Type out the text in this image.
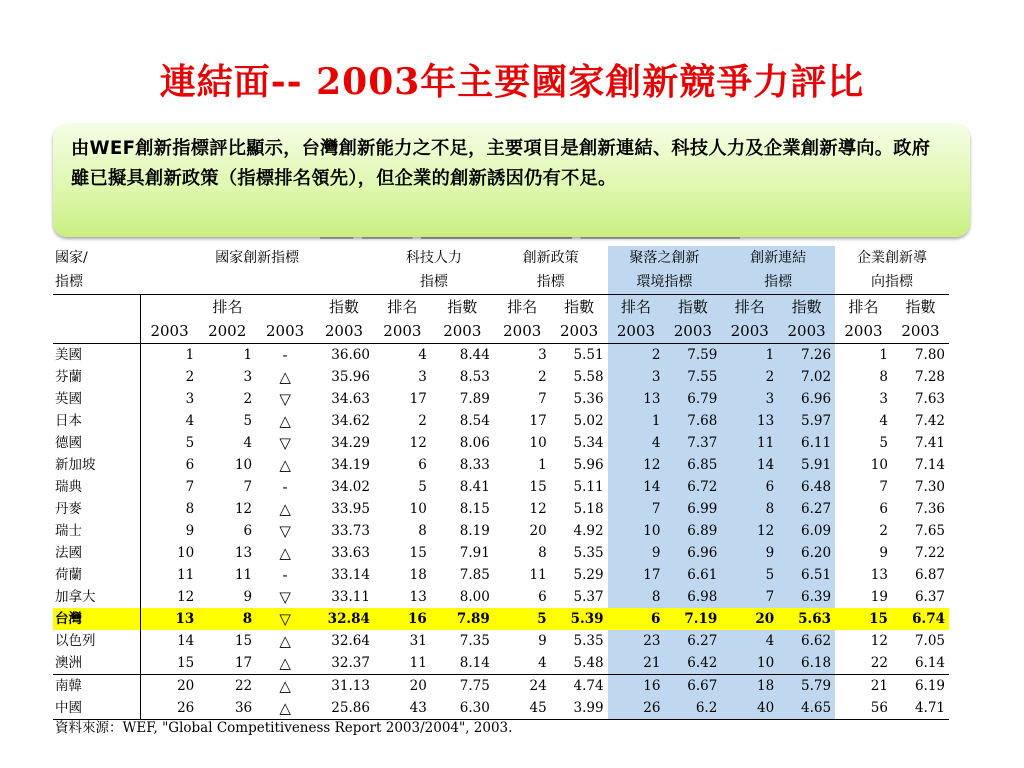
連結面-- 2003年主要國家創新競爭力評比
由WEF創新指標評比顯示，台灣創新能力之不足，主要項目是創新連結、科技人力及企業創新導向。政府雖已擬具創新政策（指標排名領先），但企業的創新誘因仍有不足。
國家/	國家創新指標				科技人力		創新政策		聚落之創新		創新連結		企業創新導	
指標					指標		指標		環境指標		指標		向指標	
	排名			指數	排名	指數	排名	指數	排名	指數	排名	指數	排名	指數
	2003	2002	2003	2003	2003	2003	2003	2003	2003	2003	2003	2003	2003	2003
美國	1	1	-	36.60	4	8.44	3	5.51	2	7.59	1	7.26	1	7.80
芬蘭	2	3	△	35.96	3	8.53	2	5.58	3	7.55	2	7.02	8	7.28
英國	3	2	▽	34.63	17	7.89	7	5.36	13	6.79	3	6.96	3	7.63
日本	4	5	△	34.62	2	8.54	17	5.02	1	7.68	13	5.97	4	7.42
德國	5	4	▽	34.29	12	8.06	10	5.34	4	7.37	11	6.11	5	7.41
新加坡	6	10	△	34.19	6	8.33	1	5.96	12	6.85	14	5.91	10	7.14
瑞典	7	7	-	34.02	5	8.41	15	5.11	14	6.72	6	6.48	7	7.30
丹麥	8	12	△	33.95	10	8.15	12	5.18	7	6.99	8	6.27	6	7.36
瑞士	9	6	▽	33.73	8	8.19	20	4.92	10	6.89	12	6.09	2	7.65
法國	10	13	△	33.63	15	7.91	8	5.35	9	6.96	9	6.20	9	7.22
荷蘭	11	11	-	33.14	18	7.85	11	5.29	17	6.61	5	6.51	13	6.87
加拿大	12	9	▽	33.11	13	8.00	6	5.37	8	6.98	7	6.39	19	6.37
台灣	13	8	▽	32.84	16	7.89	5	5.39	6	7.19	20	5.63	15	6.74
以色列	14	15	△	32.64	31	7.35	9	5.35	23	6.27	4	6.62	12	7.05
澳洲	15	17	△	32.37	11	8.14	4	5.48	21	6.42	10	6.18	22	6.14
南韓	20	22	△	31.13	20	7.75	24	4.74	16	6.67	18	5.79	21	6.19
中國	26	36	△	25.86	43	6.30	45	3.99	26	6.2	40	4.65	56	4.71
資料來源：WEF, "Global Competitiveness Report 2003/2004", 2003.
